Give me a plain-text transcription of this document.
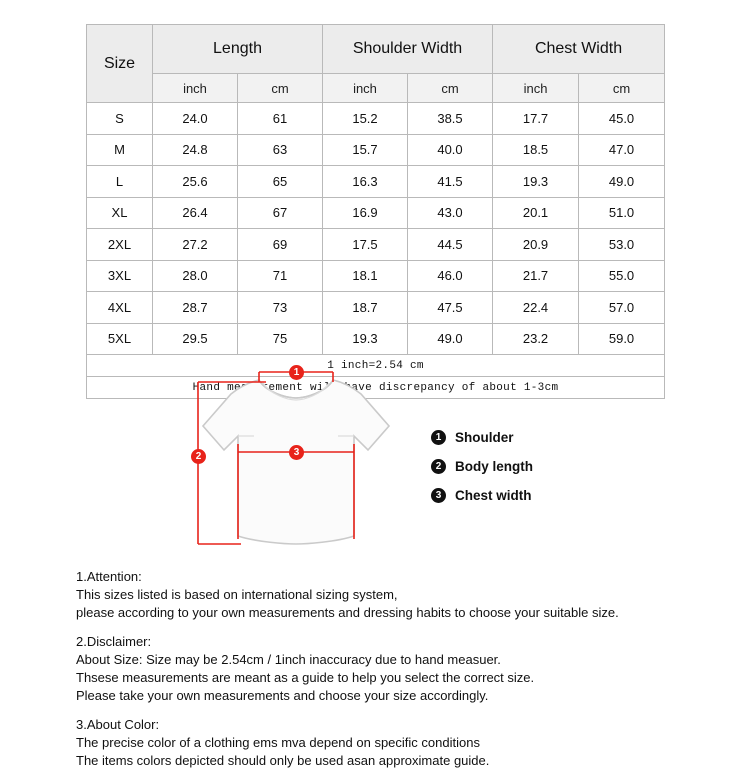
Size	Length		Shoulder Width		Chest Width	
	inch	cm	inch	cm	inch	cm
S	24.0	61	15.2	38.5	17.7	45.0
M	24.8	63	15.7	40.0	18.5	47.0
L	25.6	65	16.3	41.5	19.3	49.0
XL	26.4	67	16.9	43.0	20.1	51.0
2XL	27.2	69	17.5	44.5	20.9	53.0
3XL	28.0	71	18.1	46.0	21.7	55.0
4XL	28.7	73	18.7	47.5	22.4	57.0
5XL	29.5	75	19.3	49.0	23.2	59.0
1 inch=2.54 cm						
Hand measurement will have discrepancy of about 1-3cm						
1
2	3
1	Shoulder
2	Body length
3	Chest width

1.Attention:

This sizes listed is based on international sizing system,

please according to your own measurements and dressing habits to choose your suitable size.

2.Disclaimer:

About Size: Size may be 2.54cm / 1inch inaccuracy due to hand measuer.

Thsese measurements are meant as a guide to help you select the correct size.

Please take your own measurements and choose your size accordingly.

3.About Color:

The precise color of a clothing ems mva depend on specific conditions

The items colors depicted should only be used asan approximate guide.
